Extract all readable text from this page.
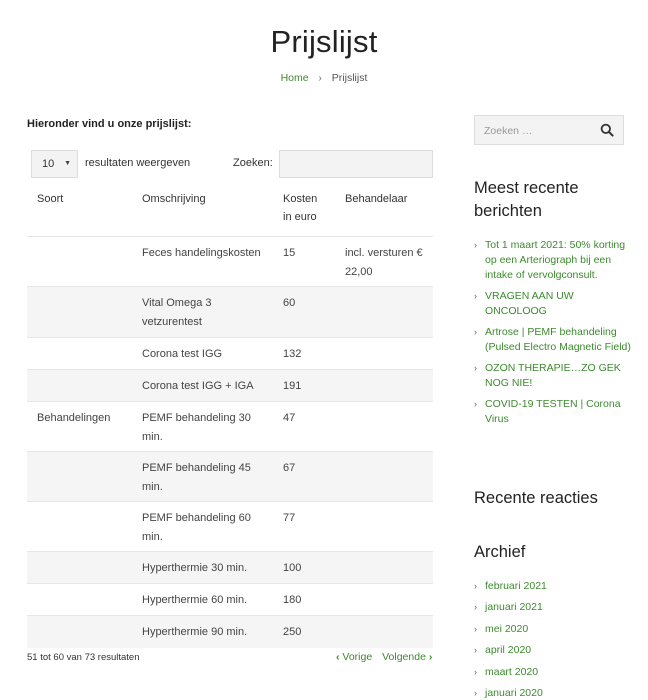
Prijslijst
Home › Prijslijst
Hieronder vind u onze prijslijst:
10 ▼ resultaten weergeven	Zoeken:
Soort	Omschrijving	Kosten in euro	Behandelaar
	Feces handelingskosten	15	incl. versturen € 22,00
	Vital Omega 3 vetzurentest	60	
	Corona test IGG	132	
	Corona test IGG + IGA	191	
Behandelingen	PEMF behandeling 30 min.	47	
	PEMF behandeling 45 min.	67	
	PEMF behandeling 60 min.	77	
	Hyperthermie 30 min.	100	
	Hyperthermie 60 min.	180	
	Hyperthermie 90 min.	250	
51 tot 60 van 73 resultaten	‹ Vorige Volgende ›
Zoeken …
Meest recente berichten
› Tot 1 maart 2021: 50% korting op een Arteriograph bij een intake of vervolgconsult.
› VRAGEN AAN UW ONCOLOOG
› Artrose | PEMF behandeling (Pulsed Electro Magnetic Field)
› OZON THERAPIE…ZO GEK NOG NIE!
› COVID-19 TESTEN | Corona Virus
Recente reacties
Archief
› februari 2021
› januari 2021
› mei 2020
› april 2020
› maart 2020
› januari 2020
